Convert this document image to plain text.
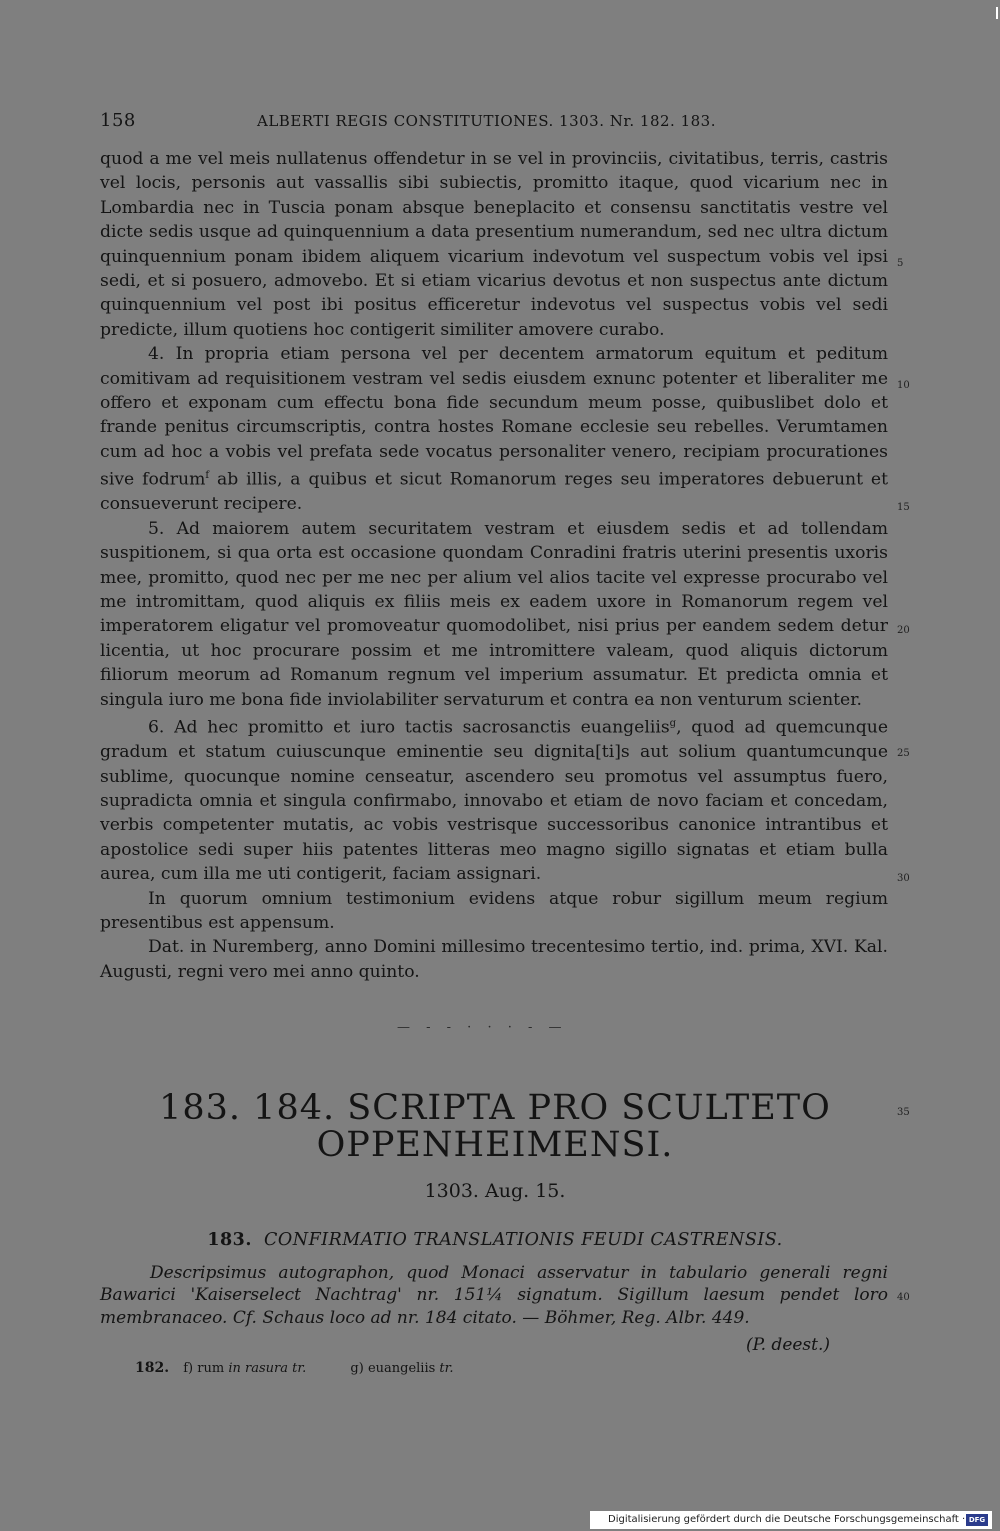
158	ALBERTI REGIS CONSTITUTIONES. 1303. Nr. 182. 183.

quod a me vel meis nullatenus offendetur in se vel in provinciis, civitatibus, terris, castris vel locis, personis aut vassallis sibi subiectis, promitto itaque, quod vicarium nec in Lombardia nec in Tuscia ponam absque beneplacito et consensu sanctitatis vestre vel dicte sedis usque ad quinquennium a data presentium numerandum, sed nec ultra dictum quinquennium ponam ibidem aliquem vicarium indevotum vel suspectum vobis vel ipsi sedi, et si posuero, admovebo. Et si etiam vicarius devotus et non suspectus ante dictum quinquennium vel post ibi positus efficeretur indevotus vel suspectus vobis vel sedi predicte, illum quotiens hoc contigerit similiter amovere curabo.

4. In propria etiam persona vel per decentem armatorum equitum et peditum comitivam ad requisitionem vestram vel sedis eiusdem exnunc potenter et liberaliter me offero et exponam cum effectu bona fide secundum meum posse, quibuslibet dolo et frande penitus circumscriptis, contra hostes Romane ecclesie seu rebelles. Verumtamen cum ad hoc a vobis vel prefata sede vocatus personaliter venero, recipiam procurationes sive fodrum$^f$ ab illis, a quibus et sicut Romanorum reges seu imperatores debuerunt et consueverunt recipere.

5. Ad maiorem autem securitatem vestram et eiusdem sedis et ad tollendam suspitionem, si qua orta est occasione quondam Conradini fratris uterini presentis uxoris mee, promitto, quod nec per me nec per alium vel alios tacite vel expresse procurabo vel me intromittam, quod aliquis ex filiis meis ex eadem uxore in Romanorum regem vel imperatorem eligatur vel promoveatur quomodolibet, nisi prius per eandem sedem detur licentia, ut hoc procurare possim et me intromittere valeam, quod aliquis dictorum filiorum meorum ad Romanum regnum vel imperium assumatur. Et predicta omnia et singula iuro me bona fide inviolabiliter servaturum et contra ea non venturum scienter.

6. Ad hec promitto et iuro tactis sacrosanctis euangeliis$^g$, quod ad quemcunque gradum et statum cuiuscunque eminentie seu dignita[ti]s aut solium quantumcunque sublime, quocunque nomine censeatur, ascendero seu promotus vel assumptus fuero, supradicta omnia et singula confirmabo, innovabo et etiam de novo faciam et concedam, verbis competenter mutatis, ac vobis vestrisque successoribus canonice intrantibus et apostolice sedi super hiis patentes litteras meo magno sigillo signatas et etiam bulla aurea, cum illa me uti contigerit, faciam assignari.

In quorum omnium testimonium evidens atque robur sigillum meum regium presentibus est appensum.

Dat. in Nuremberg, anno Domini millesimo trecentesimo tertio, ind. prima, XVI. Kal. Augusti, regni vero mei anno quinto.

— - - · · · - —
183. 184. SCRIPTA PRO SCULTETO
OPPENHEIMENSI.
1303. Aug. 15.
183. CONFIRMATIO TRANSLATIONIS FEUDI CASTRENSIS.

Descripsimus autographon, quod Monaci asservatur in tabulario generali regni Bawarici 'Kaiserselect Nachtrag' nr. 151¼ signatum. Sigillum laesum pendet loro membranaceo. Cf. Schaus loco ad nr. 184 citato. — Böhmer, Reg. Albr. 449.

(P. deest.)
182. f) rum in rasura tr.	g) euangeliis tr.
5
10
15
20
25
30
35
40
Digitalisierung gefördert durch die Deutsche Forschungsgemeinschaft · DFG
